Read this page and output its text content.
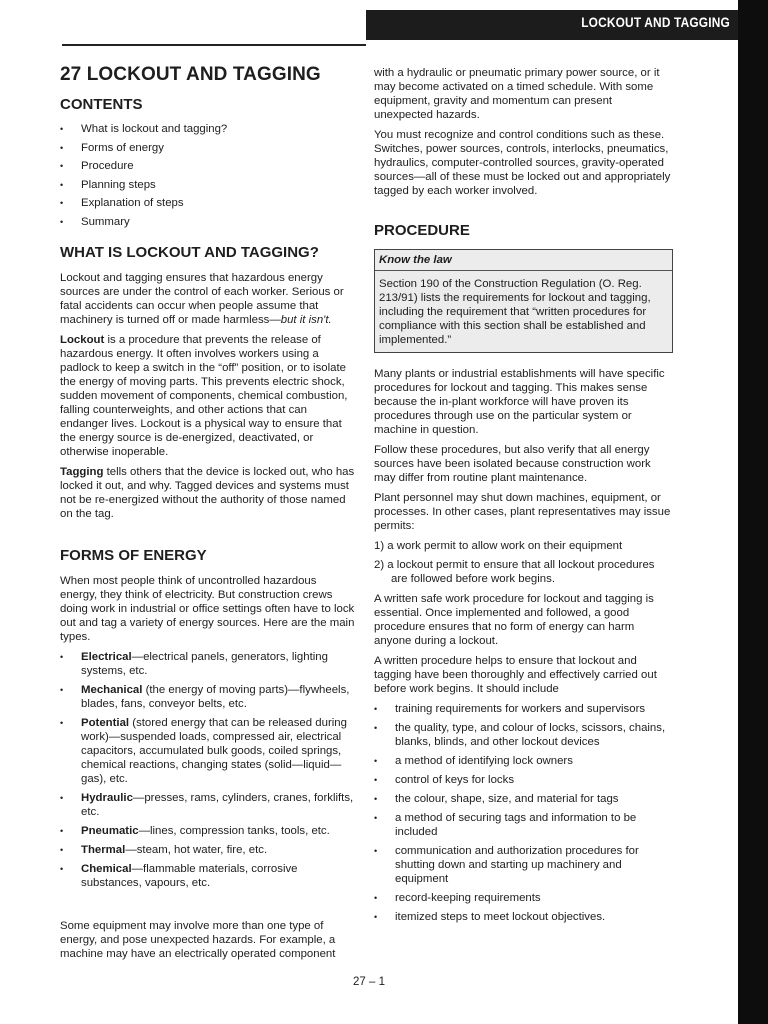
LOCKOUT AND TAGGING
27 LOCKOUT AND TAGGING
CONTENTS
• What is lockout and tagging?
• Forms of energy
• Procedure
• Planning steps
• Explanation of steps
• Summary
WHAT IS LOCKOUT AND TAGGING?

Lockout and tagging ensures that hazardous energy sources are under the control of each worker. Serious or fatal accidents can occur when people assume that machinery is turned off or made harmless—but it isn't.

Lockout is a procedure that prevents the release of hazardous energy. It often involves workers using a padlock to keep a switch in the “off” position, or to isolate the energy of moving parts. This prevents electric shock, sudden movement of components, chemical combustion, falling counterweights, and other actions that can endanger lives. Lockout is a physical way to ensure that the energy source is de-energized, deactivated, or otherwise inoperable.

Tagging tells others that the device is locked out, who has locked it out, and why. Tagged devices and systems must not be re-energized without the authority of those named on the tag.

FORMS OF ENERGY

When most people think of uncontrolled hazardous energy, they think of electricity. But construction crews doing work in industrial or office settings often have to lock out and tag a variety of energy sources. Here are the main types.

• Electrical—electrical panels, generators, lighting systems, etc.
• Mechanical (the energy of moving parts)—flywheels, blades, fans, conveyor belts, etc.
• Potential (stored energy that can be released during work)—suspended loads, compressed air, electrical capacitors, accumulated bulk goods, coiled springs, chemical reactions, changing states (solid—liquid—gas), etc.
• Hydraulic—presses, rams, cylinders, cranes, forklifts, etc.
• Pneumatic—lines, compression tanks, tools, etc.
• Thermal—steam, hot water, fire, etc.
• Chemical—flammable materials, corrosive substances, vapours, etc.

Some equipment may involve more than one type of energy, and pose unexpected hazards. For example, a machine may have an electrically operated component

with a hydraulic or pneumatic primary power source, or it may become activated on a timed schedule. With some equipment, gravity and momentum can present unexpected hazards.

You must recognize and control conditions such as these. Switches, power sources, controls, interlocks, pneumatics, hydraulics, computer-controlled sources, gravity-operated sources—all of these must be locked out and appropriately tagged by each worker involved.

PROCEDURE
Know the law
Section 190 of the Construction Regulation (O. Reg. 213/91) lists the requirements for lockout and tagging, including the requirement that “written procedures for compliance with this section shall be established and implemented.”

Many plants or industrial establishments will have specific procedures for lockout and tagging. This makes sense because the in-plant workforce will have proven its procedures through use on the particular system or machine in question.

Follow these procedures, but also verify that all energy sources have been isolated because construction work may differ from routine plant maintenance.

Plant personnel may shut down machines, equipment, or processes. In other cases, plant representatives may issue permits:

1) a work permit to allow work on their equipment
2) a lockout permit to ensure that all lockout procedures are followed before work begins.

A written safe work procedure for lockout and tagging is essential. Once implemented and followed, a good procedure ensures that no form of energy can harm anyone during a lockout.

A written procedure helps to ensure that lockout and tagging have been thoroughly and effectively carried out before work begins. It should include

• training requirements for workers and supervisors
• the quality, type, and colour of locks, scissors, chains, blanks, blinds, and other lockout devices
• a method of identifying lock owners
• control of keys for locks
• the colour, shape, size, and material for tags
• a method of securing tags and information to be included
• communication and authorization procedures for shutting down and starting up machinery and equipment
• record-keeping requirements
• itemized steps to meet lockout objectives.
27 – 1
